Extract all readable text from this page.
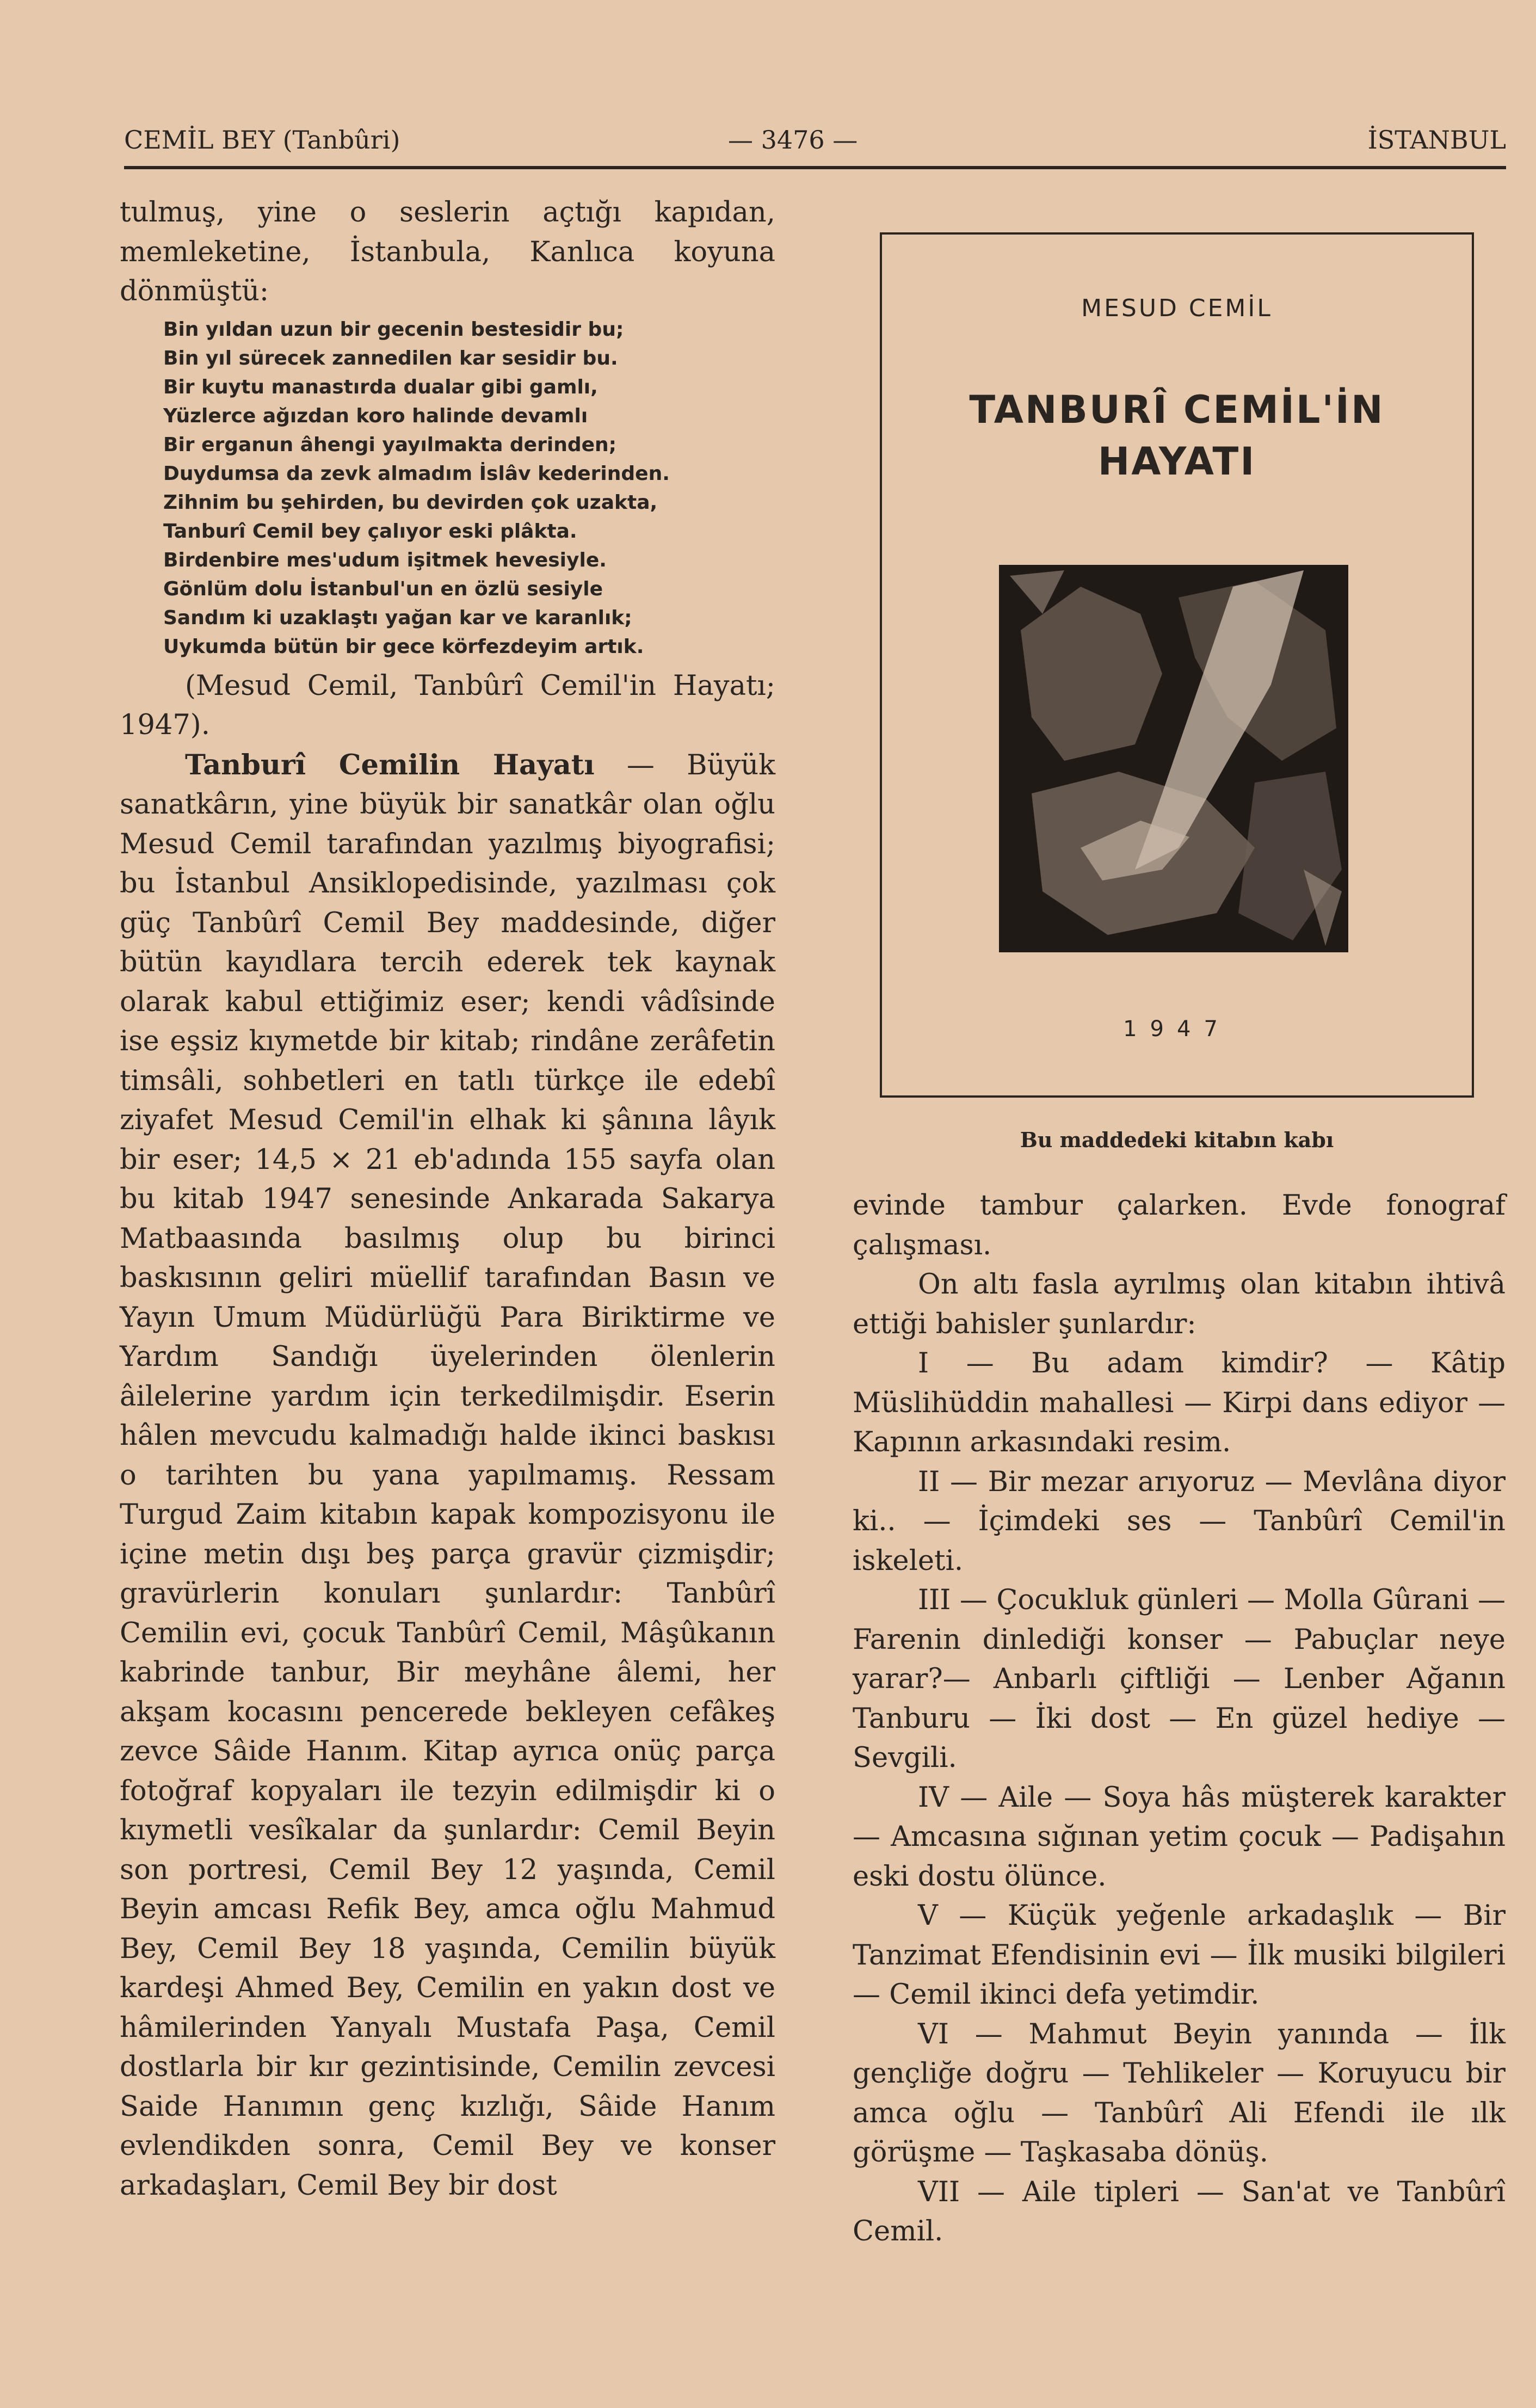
CEMİL BEY (Tanbûri)	— 3476 —	İSTANBUL

tulmuş, yine o seslerin açtığı kapıdan, memleketine, İstanbula, Kanlıca koyuna dönmüştü:

Bin yıldan uzun bir gecenin bestesidir bu;
Bin yıl sürecek zannedilen kar sesidir bu.
Bir kuytu manastırda dualar gibi gamlı,
Yüzlerce ağızdan koro halinde devamlı
Bir erganun âhengi yayılmakta derinden;
Duydumsa da zevk almadım İslâv kederinden.
Zihnim bu şehirden, bu devirden çok uzakta,
Tanburî Cemil bey çalıyor eski plâkta.
Birdenbire mes'udum işitmek hevesiyle.
Gönlüm dolu İstanbul'un en özlü sesiyle
Sandım ki uzaklaştı yağan kar ve karanlık;
Uykumda bütün bir gece körfezdeyim artık.

(Mesud Cemil, Tanbûrî Cemil'in Hayatı; 1947).

Tanburî Cemilin Hayatı — Büyük sanatkârın, yine büyük bir sanatkâr olan oğlu Mesud Cemil tarafından yazılmış biyografisi; bu İstanbul Ansiklopedisinde, yazılması çok güç Tanbûrî Cemil Bey maddesinde, diğer bütün kayıdlara tercih ederek tek kaynak olarak kabul ettiğimiz eser; kendi vâdîsinde ise eşsiz kıymetde bir kitab; rindâne zerâfetin timsâli, sohbetleri en tatlı türkçe ile edebî ziyafet Mesud Cemil'in elhak ki şânına lâyık bir eser; 14,5 × 21 eb'adında 155 sayfa olan bu kitab 1947 senesinde Ankarada Sakarya Matbaasında basılmış olup bu birinci baskısının geliri müellif tarafından Basın ve Yayın Umum Müdürlüğü Para Biriktirme ve Yardım Sandığı üyelerinden ölenlerin âilelerine yardım için terkedilmişdir. Eserin hâlen mevcudu kalmadığı halde ikinci baskısı o tarihten bu yana yapılmamış. Ressam Turgud Zaim kitabın kapak kompozisyonu ile içine metin dışı beş parça gravür çizmişdir; gravürlerin konuları şunlardır: Tanbûrî Cemilin evi, çocuk Tanbûrî Cemil, Mâşûkanın kabrinde tanbur, Bir meyhâne âlemi, her akşam kocasını pencerede bekleyen cefâkeş zevce Sâide Hanım. Kitap ayrıca onüç parça fotoğraf kopyaları ile tezyin edilmişdir ki o kıymetli vesîkalar da şunlardır: Cemil Beyin son portresi, Cemil Bey 12 yaşında, Cemil Beyin amcası Refik Bey, amca oğlu Mahmud Bey, Cemil Bey 18 yaşında, Cemilin büyük kardeşi Ahmed Bey, Cemilin en yakın dost ve hâmilerinden Yanyalı Mustafa Paşa, Cemil dostlarla bir kır gezintisinde, Cemilin zevcesi Saide Hanımın genç kızlığı, Sâide Hanım evlendikden sonra, Cemil Bey ve konser arkadaşları, Cemil Bey bir dost

MESUD CEMİL
TANBURÎ CEMİL'İN
HAYATI
1947
Bu maddedeki kitabın kabı

evinde tambur çalarken. Evde fonograf çalışması.

On altı fasla ayrılmış olan kitabın ihtivâ ettiği bahisler şunlardır:

I — Bu adam kimdir? — Kâtip Müslihüddin mahallesi — Kirpi dans ediyor — Kapının arkasındaki resim.

II — Bir mezar arıyoruz — Mevlâna diyor ki.. — İçimdeki ses — Tanbûrî Cemil'in iskeleti.

III — Çocukluk günleri — Molla Gûrani — Farenin dinlediği konser — Pabuçlar neye yarar?— Anbarlı çiftliği — Lenber Ağanın Tanburu — İki dost — En güzel hediye — Sevgili.

IV — Aile — Soya hâs müşterek karakter — Amcasına sığınan yetim çocuk — Padişahın eski dostu ölünce.

V — Küçük yeğenle arkadaşlık — Bir Tanzimat Efendisinin evi — İlk musiki bilgileri — Cemil ikinci defa yetimdir.

VI — Mahmut Beyin yanında — İlk gençliğe doğru — Tehlikeler — Koruyucu bir amca oğlu — Tanbûrî Ali Efendi ile ılk görüşme — Taşkasaba dönüş.

VII — Aile tipleri — San'at ve Tanbûrî Cemil.
